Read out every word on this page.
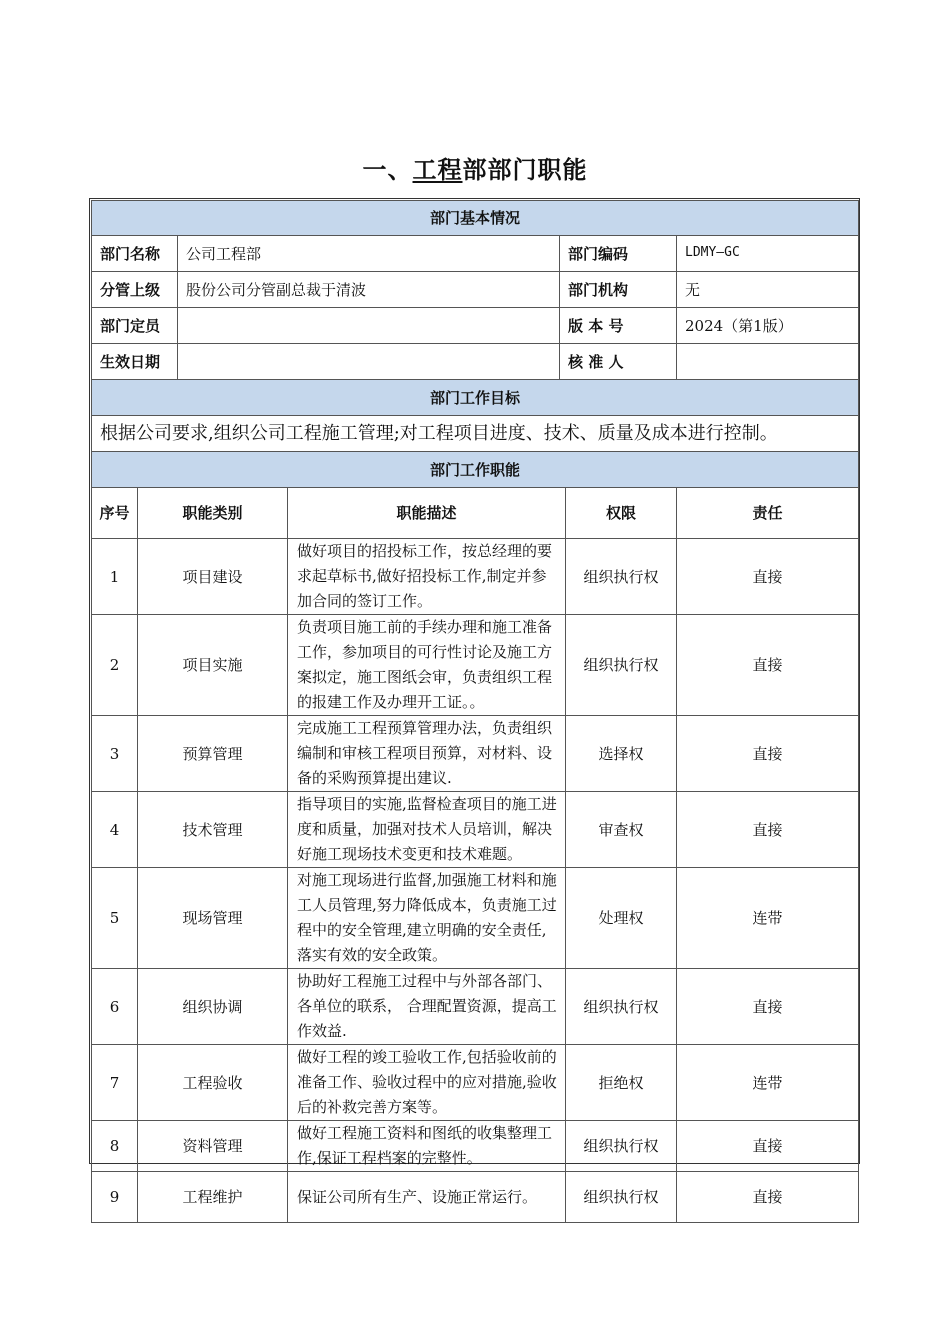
一、工程部部门职能
部门基本情况						
部门名称		公司工程部		部门编码		LDMY—GC
分管上级		股份公司分管副总裁于清波		部门机构		无
部门定员				版 本 号		2024（第1版）
生效日期				核 准 人		
部门工作目标						
根据公司要求,组织公司工程施工管理;对工程项目进度、技术、质量及成本进行控制。						
部门工作职能						
序号	职能类别		职能描述		权限	责任
1	项目建设		做好项目的招投标工作，按总经理的要求起草标书,做好招投标工作,制定并参加合同的签订工作。		组织执行权	直接
2	项目实施		负责项目施工前的手续办理和施工准备工作，参加项目的可行性讨论及施工方案拟定，施工图纸会审，负责组织工程的报建工作及办理开工证。。		组织执行权	直接
3	预算管理		完成施工工程预算管理办法，负责组织编制和审核工程项目预算，对材料、设备的采购预算提出建议.		选择权	直接
4	技术管理		指导项目的实施,监督检查项目的施工进度和质量，加强对技术人员培训，解决好施工现场技术变更和技术难题。		审查权	直接
5	现场管理		对施工现场进行监督,加强施工材料和施工人员管理,努力降低成本，负责施工过程中的安全管理,建立明确的安全责任,落实有效的安全政策。		处理权	连带
6	组织协调		协助好工程施工过程中与外部各部门、各单位的联系， 合理配置资源，提高工作效益.		组织执行权	直接
7	工程验收		做好工程的竣工验收工作,包括验收前的准备工作、验收过程中的应对措施,验收后的补救完善方案等。		拒绝权	连带
8	资料管理		做好工程施工资料和图纸的收集整理工作,保证工程档案的完整性。		组织执行权	直接
9	工程维护		保证公司所有生产、设施正常运行。		组织执行权	直接
